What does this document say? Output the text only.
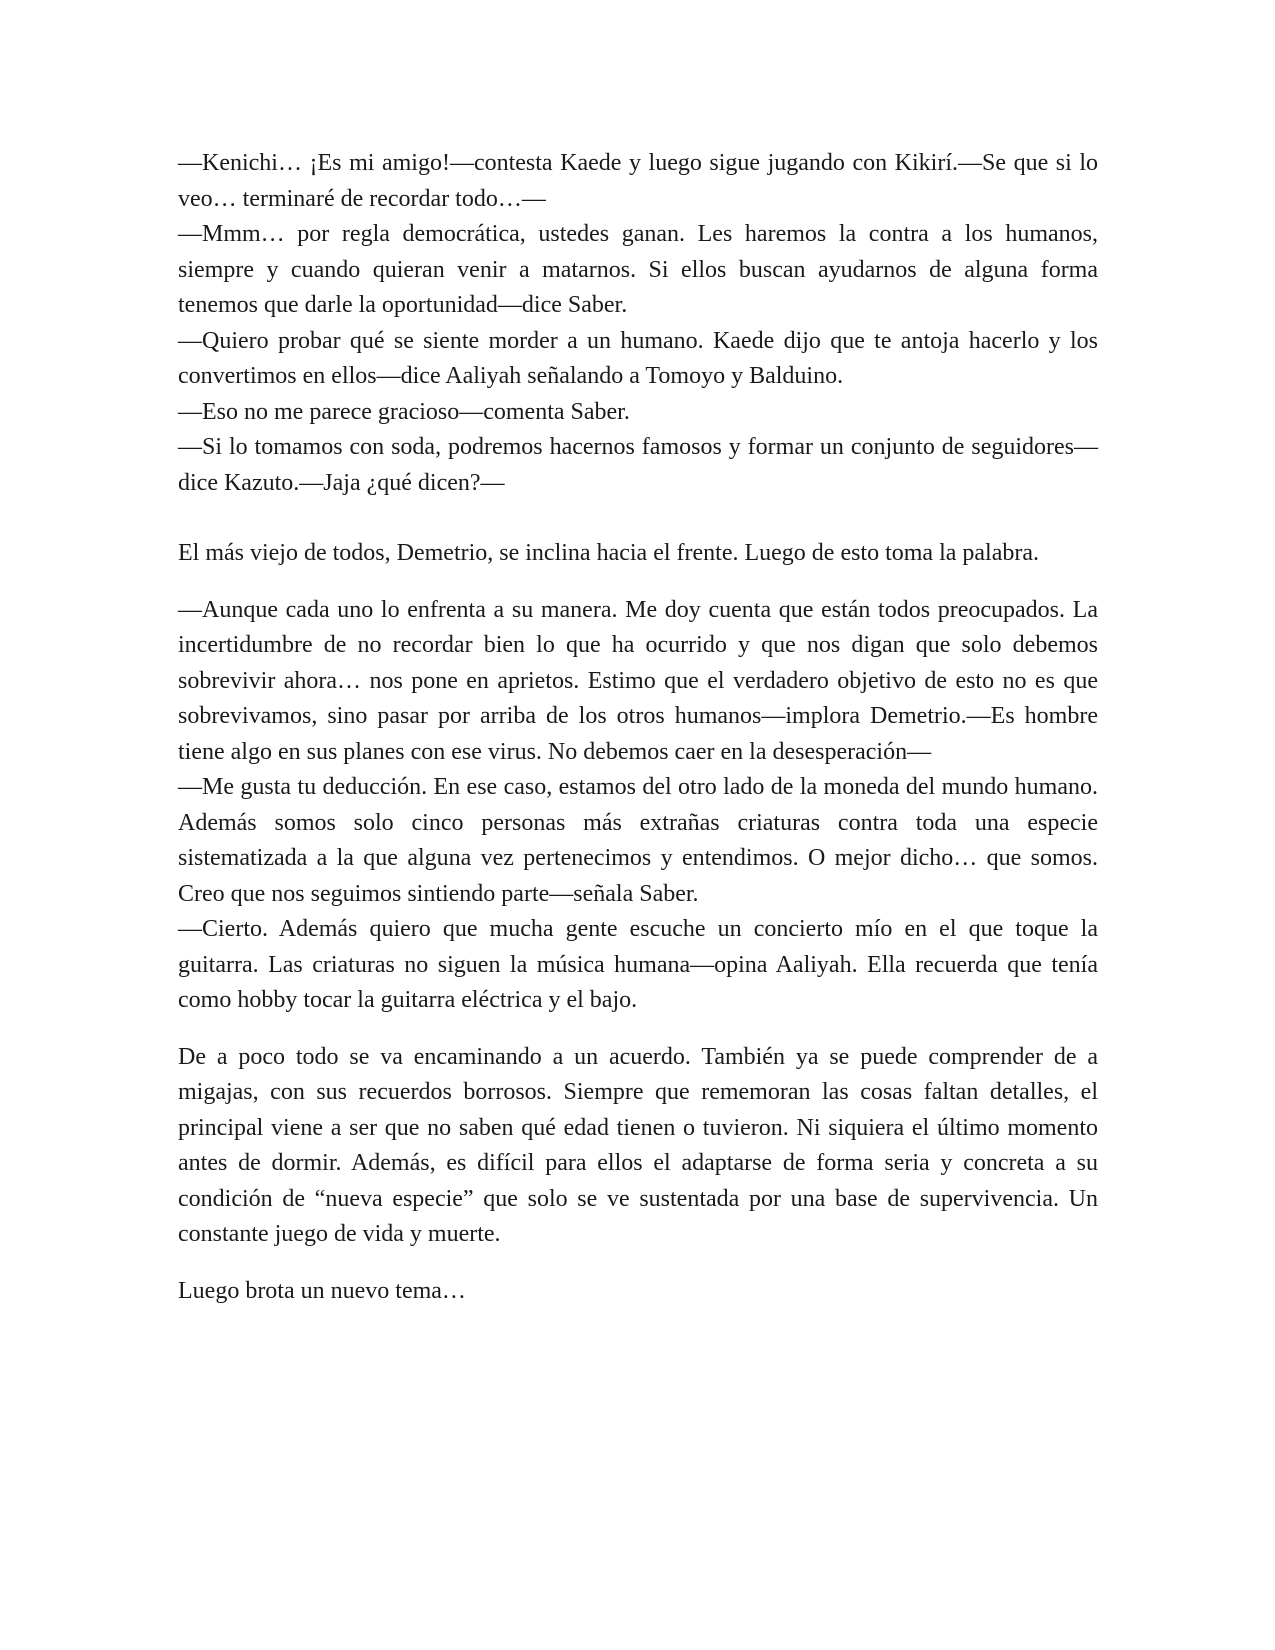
—Kenichi… ¡Es mi amigo!—contesta Kaede y luego sigue jugando con Kikirí.—Se que si lo veo… terminaré de recordar todo…—

—Mmm… por regla democrática, ustedes ganan. Les haremos la contra a los humanos, siempre y cuando quieran venir a matarnos. Si ellos buscan ayudarnos de alguna forma tenemos que darle la oportunidad—dice Saber.

—Quiero probar qué se siente morder a un humano. Kaede dijo que te antoja hacerlo y los convertimos en ellos—dice Aaliyah señalando a Tomoyo y Balduino.

—Eso no me parece gracioso—comenta Saber.

—Si lo tomamos con soda, podremos hacernos famosos y formar un conjunto de seguidores—dice Kazuto.—Jaja ¿qué dicen?—

El más viejo de todos, Demetrio, se inclina hacia el frente. Luego de esto toma la palabra.

—Aunque cada uno lo enfrenta a su manera. Me doy cuenta que están todos preocupados. La incertidumbre de no recordar bien lo que ha ocurrido y que nos digan que solo debemos sobrevivir ahora… nos pone en aprietos. Estimo que el verdadero objetivo de esto no es que sobrevivamos, sino pasar por arriba de los otros humanos—implora Demetrio.—Es hombre tiene algo en sus planes con ese virus. No debemos caer en la desesperación—

—Me gusta tu deducción. En ese caso, estamos del otro lado de la moneda del mundo humano. Además somos solo cinco personas más extrañas criaturas contra toda una especie sistematizada a la que alguna vez pertenecimos y entendimos. O mejor dicho… que somos. Creo que nos seguimos sintiendo parte—señala Saber.

—Cierto. Además quiero que mucha gente escuche un concierto mío en el que toque la guitarra. Las criaturas no siguen la música humana—opina Aaliyah. Ella recuerda que tenía como hobby tocar la guitarra eléctrica y el bajo.

De a poco todo se va encaminando a un acuerdo. También ya se puede comprender de a migajas, con sus recuerdos borrosos. Siempre que rememoran las cosas faltan detalles, el principal viene a ser que no saben qué edad tienen o tuvieron. Ni siquiera el último momento antes de dormir. Además, es difícil para ellos el adaptarse de forma seria y concreta a su condición de “nueva especie” que solo se ve sustentada por una base de supervivencia. Un constante juego de vida y muerte.

Luego brota un nuevo tema…
